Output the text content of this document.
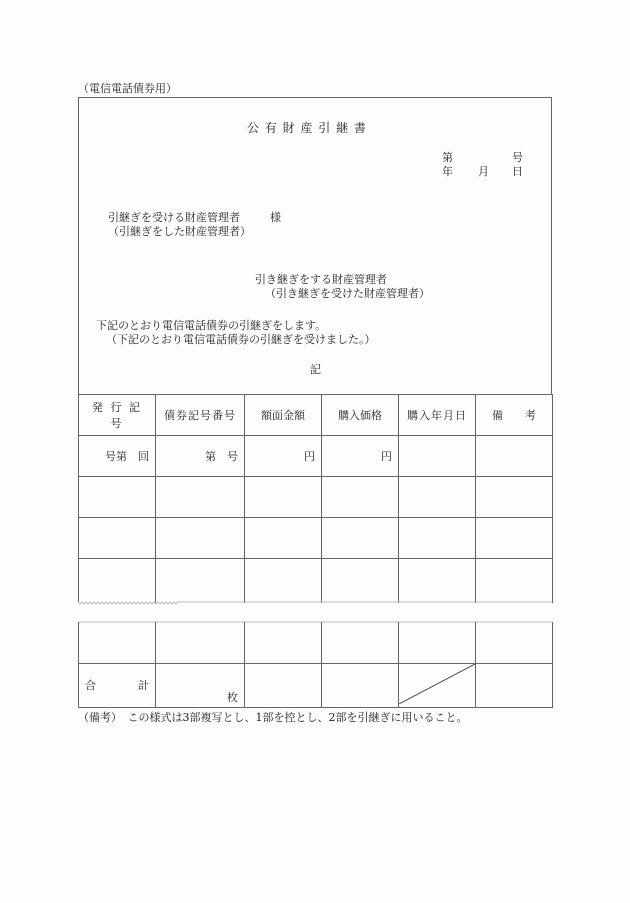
（電信電話債券用）
公 有 財 産 引 継 書
第	号
年 月 日
引継ぎを受ける財産管理者	様
（引継ぎをした財産管理者）
引き継ぎをする財産管理者
（引き継ぎを受けた財産管理者）
下記のとおり電信電話債券の引継ぎをします。
（下記のとおり電信電話債券の引継ぎを受けました。）
記
発 行 記 号	債券記号番号	額面金額	購入価格	購入年月日	備　　考
号第　回	第　号	円	円		

合 計	枚				
（備考）　この様式は3部複写とし、1部を控とし、2部を引継ぎに用いること。
